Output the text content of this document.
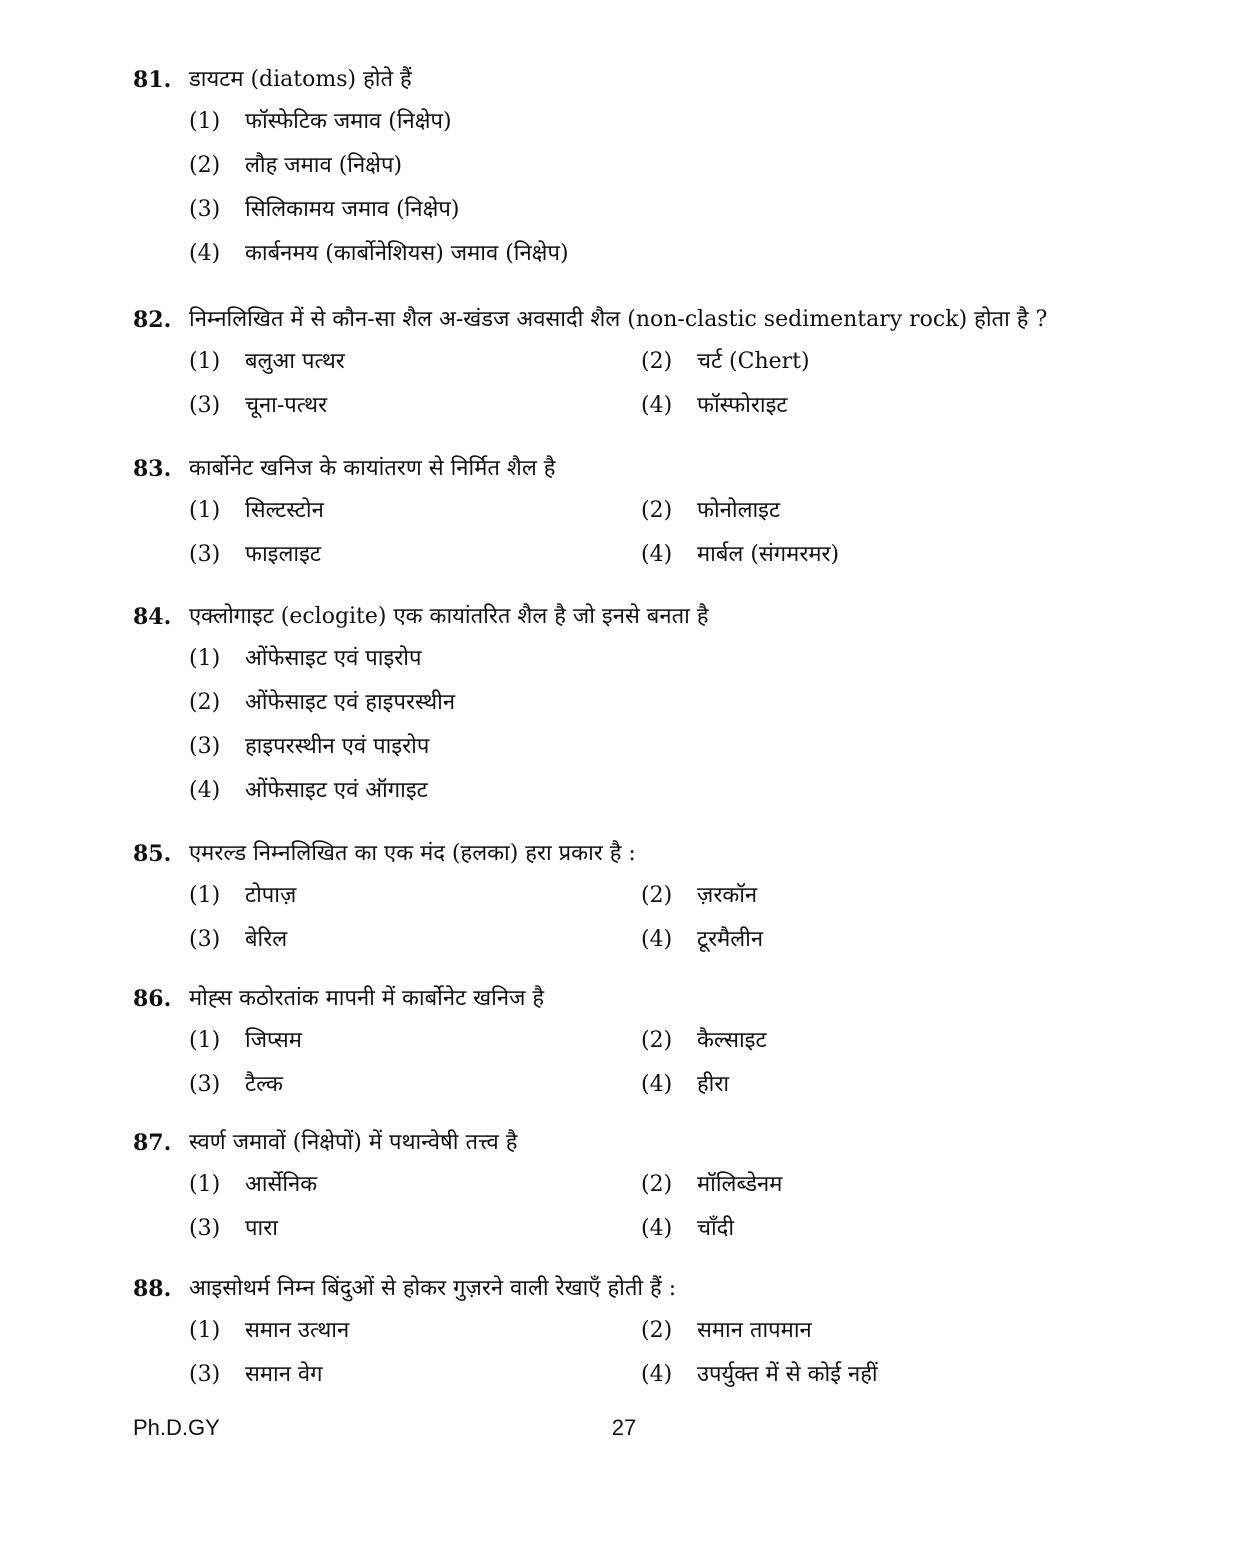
81. डायटम (diatoms) होते हैं
(1) फॉस्फेटिक जमाव (निक्षेप)
(2) लौह जमाव (निक्षेप)
(3) सिलिकामय जमाव (निक्षेप)
(4) कार्बनमय (कार्बोनेशियस) जमाव (निक्षेप)
82. निम्नलिखित में से कौन-सा शैल अ-खंडज अवसादी शैल (non-clastic sedimentary rock) होता है ?
(1) बलुआ पत्थर	(2) चर्ट (Chert)
(3) चूना-पत्थर	(4) फॉस्फोराइट
83. कार्बोनेट खनिज के कायांतरण से निर्मित शैल है
(1) सिल्टस्टोन	(2) फोनोलाइट
(3) फाइलाइट	(4) मार्बल (संगमरमर)
84. एक्लोगाइट (eclogite) एक कायांतरित शैल है जो इनसे बनता है
(1) ओंफेसाइट एवं पाइरोप
(2) ओंफेसाइट एवं हाइपरस्थीन
(3) हाइपरस्थीन एवं पाइरोप
(4) ओंफेसाइट एवं ऑगाइट
85. एमरल्ड निम्नलिखित का एक मंद (हलका) हरा प्रकार है :
(1) टोपाज़	(2) ज़रकॉन
(3) बेरिल	(4) टूरमैलीन
86. मोह्स कठोरतांक मापनी में कार्बोनेट खनिज है
(1) जिप्सम	(2) कैल्साइट
(3) टैल्क	(4) हीरा
87. स्वर्ण जमावों (निक्षेपों) में पथान्वेषी तत्त्व है
(1) आर्सेनिक	(2) मॉलिब्डेनम
(3) पारा	(4) चाँदी
88. आइसोथर्म निम्न बिंदुओं से होकर गुज़रने वाली रेखाएँ होती हैं :
(1) समान उत्थान	(2) समान तापमान
(3) समान वेग	(4) उपर्युक्त में से कोई नहीं
Ph.D.GY	27
